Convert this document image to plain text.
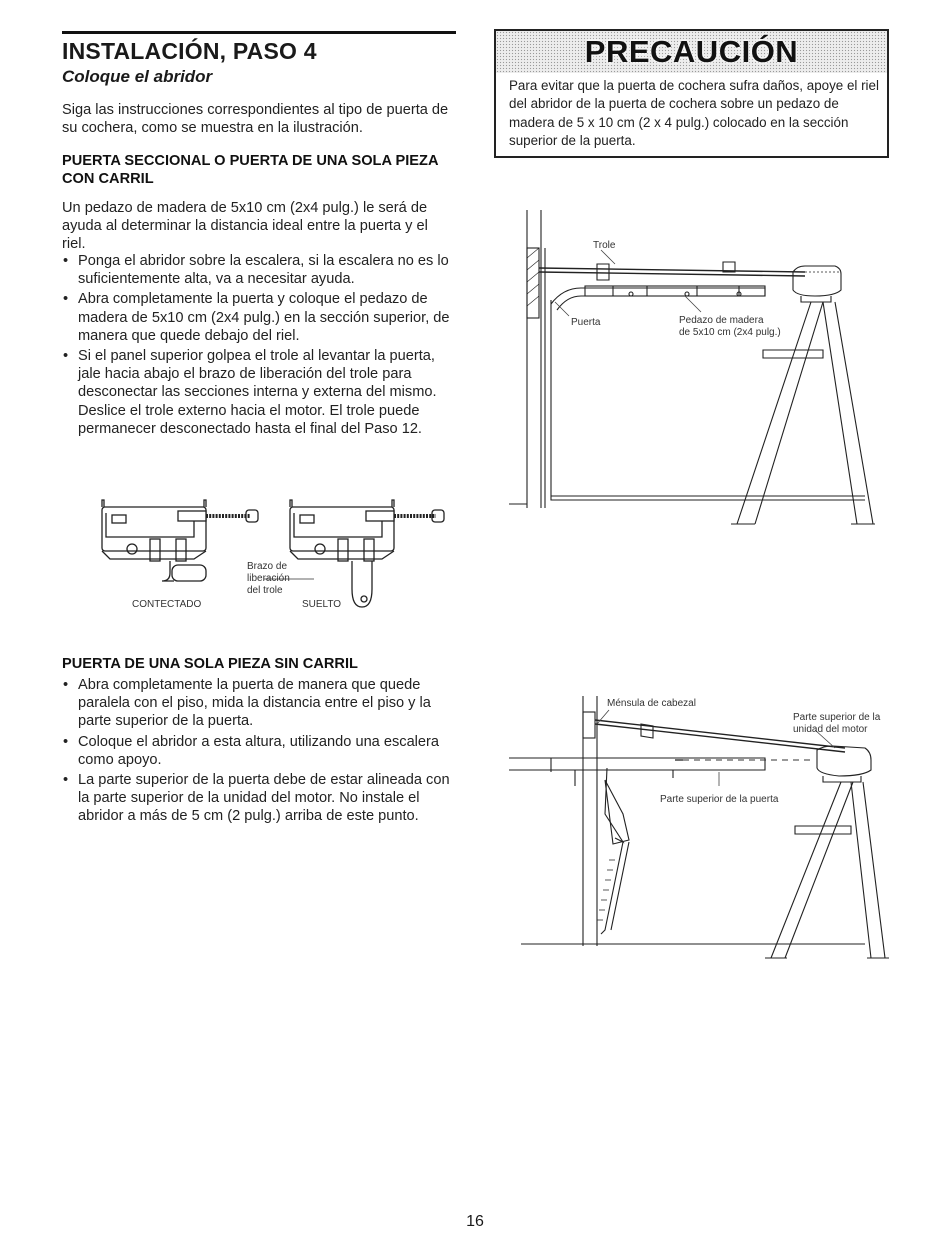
INSTALACIÓN, PASO 4
Coloque el abridor
Siga las instrucciones correspondientes al tipo de puerta de su cochera, como se muestra en la ilustración.
PUERTA SECCIONAL O PUERTA DE UNA SOLA PIEZA CON CARRIL
Un pedazo de madera de 5x10 cm (2x4 pulg.) le será de ayuda al determinar la distancia ideal entre la puerta y el riel.
• Ponga el abridor sobre la escalera, si la escalera no es lo suficientemente alta, va a necesitar ayuda.
• Abra completamente la puerta y coloque el pedazo de madera de 5x10 cm (2x4 pulg.) en la sección superior, de manera que quede debajo del riel.
• Si el panel superior golpea el trole al levantar la puerta, jale hacia abajo el brazo de liberación del trole para desconectar las secciones interna y externa del mismo. Deslice el trole externo hacia el motor. El trole puede permanecer desconectado hasta el final del Paso 12.
PUERTA DE UNA SOLA PIEZA SIN CARRIL
• Abra completamente la puerta de manera que quede paralela con el piso, mida la distancia entre el piso y la parte superior de la puerta.
• Coloque el abridor a esta altura, utilizando una escalera como apoyo.
• La parte superior de la puerta debe de estar alineada con la parte superior de la unidad del motor. No instale el abridor a más de 5 cm (2 pulg.) arriba de este punto.
PRECAUCIÓN
Para evitar que la puerta de cochera sufra daños, apoye el riel del abridor de la puerta de cochera sobre un pedazo de madera de 5 x 10 cm (2 x 4 pulg.) colocado en la sección superior de la puerta.
Brazo de liberación del trole
CONTECTADO	SUELTO
Trole
Puerta	Pedazo de madera de 5x10 cm (2x4 pulg.)
Ménsula de cabezal
Parte superior de la unidad del motor
Parte superior de la puerta
16
